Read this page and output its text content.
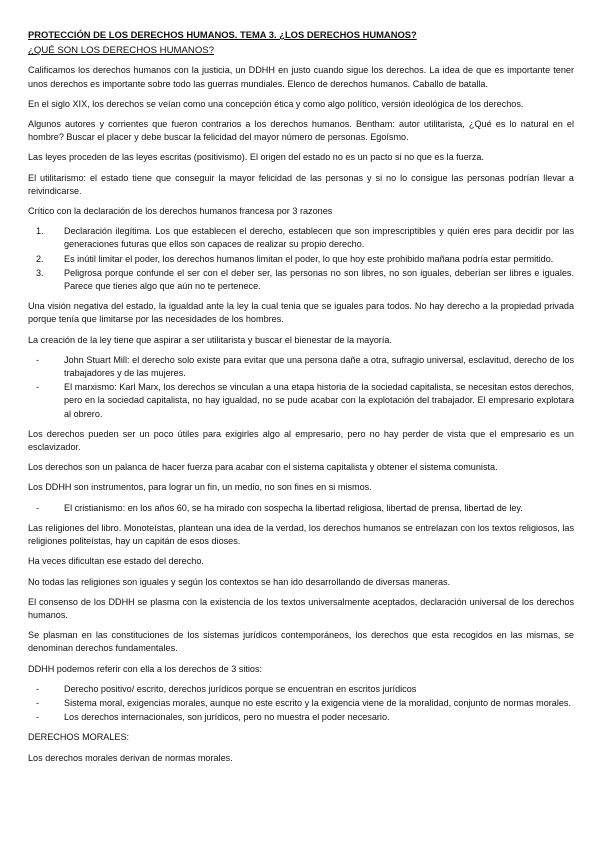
PROTECCIÓN DE LOS DERECHOS HUMANOS. TEMA 3. ¿LOS DERECHOS HUMANOS?
¿QUÉ SON LOS DERECHOS HUMANOS?

Calificamos los derechos humanos con la justicia, un DDHH en justo cuando sigue los derechos. La idea de que es importante tener unos derechos es importante sobre todo las guerras mundiales. Elenco de derechos humanos. Caballo de batalla.

En el siglo XIX, los derechos se veían como una concepción ética y como algo político, versión ideológica de los derechos.

Algunos autores y corrientes que fueron contrarios a los derechos humanos. Bentham: autor utilitarista, ¿Qué es lo natural en el hombre? Buscar el placer y debe buscar la felicidad del mayor número de personas. Egoísmo.

Las leyes proceden de las leyes escritas (positivismo). El origen del estado no es un pacto si no que es la fuerza.

El utilitarismo: el estado tiene que conseguir la mayor felicidad de las personas y si no lo consigue las personas podrían llevar a reivindicarse.

Crítico con la declaración de los derechos humanos francesa por 3 razones

1. Declaración ilegítima. Los que establecen el derecho, establecen que son imprescriptibles y quién eres para decidir por las generaciones futuras que ellos son capaces de realizar su propio derecho.
2. Es inútil limitar el poder, los derechos humanos limitan el poder, lo que hoy este prohibido mañana podría estar permitido.
3. Peligrosa porque confunde el ser con el deber ser, las personas no son libres, no son iguales, deberían ser libres e iguales. Parece que tienes algo que aún no te pertenece.

Una visión negativa del estado, la igualdad ante la ley la cual tenia que se iguales para todos. No hay derecho a la propiedad privada porque tenía que limitarse por las necesidades de los hombres.

La creación de la ley tiene que aspirar a ser utilitarista y buscar el bienestar de la mayoría.

-	John Stuart Mill: el derecho solo existe para evitar que una persona dañe a otra, sufragio universal, esclavitud, derecho de los trabajadores y de las mujeres.
-	El marxismo: Karl Marx, los derechos se vinculan a una etapa historia de la sociedad capitalista, se necesitan estos derechos, pero en la sociedad capitalista, no hay igualdad, no se pude acabar con la explotación del trabajador. El empresario explotara al obrero.

Los derechos pueden ser un poco útiles para exigirles algo al empresario, pero no hay perder de vista que el empresario es un esclavizador.

Los derechos son un palanca de hacer fuerza para acabar con el sistema capitalista y obtener el sistema comunista.

Los DDHH son instrumentos, para lograr un fin, un medio, no son fines en si mismos.

-	El cristianismo: en los años 60, se ha mirado con sospecha la libertad religiosa, libertad de prensa, libertad de ley.

Las religiones del libro. Monoteístas, plantean una idea de la verdad, los derechos humanos se entrelazan con los textos religiosos, las religiones politeístas, hay un capitán de esos dioses.

Ha veces dificultan ese estado del derecho.

No todas las religiones son iguales y según los contextos se han ido desarrollando de diversas maneras.

El consenso de los DDHH se plasma con la existencia de los textos universalmente aceptados, declaración universal de los derechos humanos.

Se plasman en las constituciones de los sistemas jurídicos contemporáneos, los derechos que esta recogidos en las mismas, se denominan derechos fundamentales.

DDHH podemos referir con ella a los derechos de 3 sitios:

-	Derecho positivo/ escrito, derechos jurídicos porque se encuentran en escritos jurídicos
-	Sistema moral, exigencias morales, aunque no este escrito y la exigencia viene de la moralidad, conjunto de normas morales.
-	Los derechos internacionales, son jurídicos, pero no muestra el poder necesario.

DERECHOS MORALES:

Los derechos morales derivan de normas morales.
